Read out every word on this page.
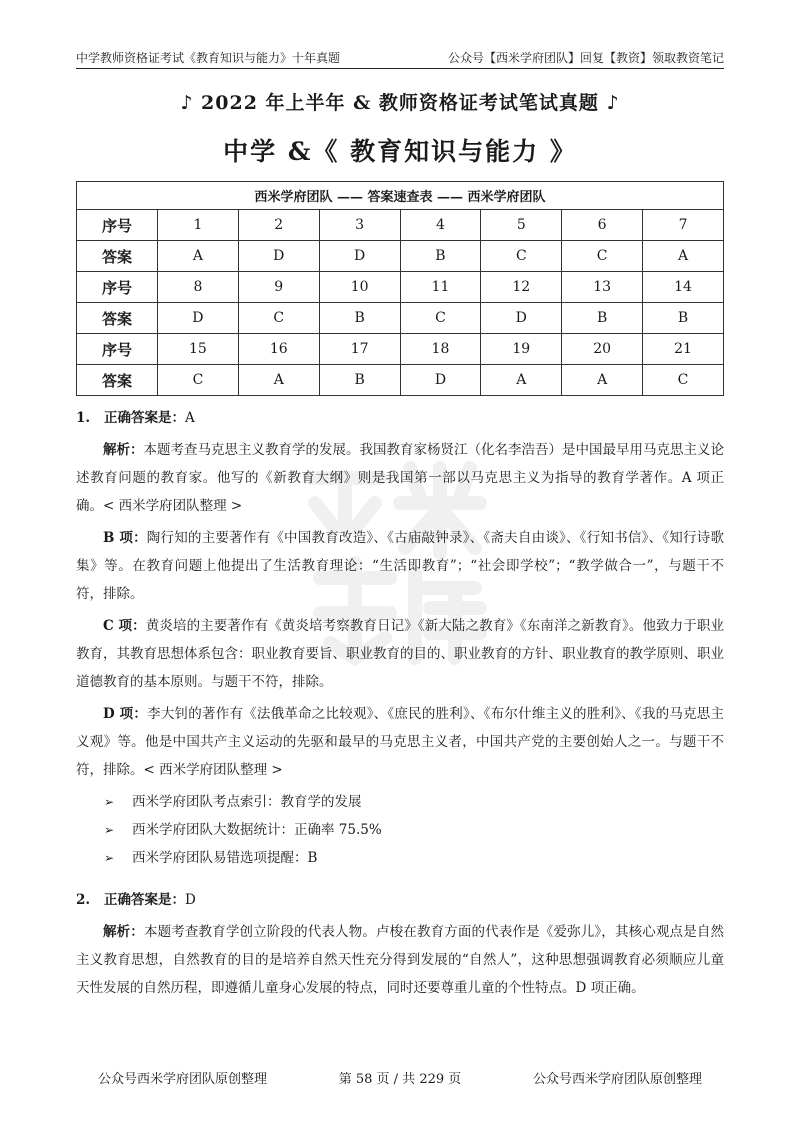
中学教师资格证考试《教育知识与能力》十年真题	公众号【西米学府团队】回复【教资】领取教资笔记
♪ 2022 年上半年 & 教师资格证考试笔试真题 ♪
中学 &《 教育知识与能力 》
西米学府团队 —— 答案速查表 —— 西米学府团队							
序号	1	2	3	4	5	6	7
答案	A	D	D	B	C	C	A
序号	8	9	10	11	12	13	14
答案	D	C	B	C	D	B	B
序号	15	16	17	18	19	20	21
答案	C	A	B	D	A	A	C
1. 正确答案是：A

解析：本题考查马克思主义教育学的发展。我国教育家杨贤江（化名李浩吾）是中国最早用马克思主义论述教育问题的教育家。他写的《新教育大纲》则是我国第一部以马克思主义为指导的教育学著作。A 项正确。< 西米学府团队整理 >

B 项：陶行知的主要著作有《中国教育改造》、《古庙敲钟录》、《斋夫自由谈》、《行知书信》、《知行诗歌集》等。在教育问题上他提出了生活教育理论：“生活即教育”；“社会即学校”；“教学做合一”，与题干不符，排除。

C 项：黄炎培的主要著作有《黄炎培考察教育日记》《新大陆之教育》《东南洋之新教育》。他致力于职业教育，其教育思想体系包含：职业教育要旨、职业教育的目的、职业教育的方针、职业教育的教学原则、职业道德教育的基本原则。与题干不符，排除。

D 项：李大钊的著作有《法俄革命之比较观》、《庶民的胜利》、《布尔什维主义的胜利》、《我的马克思主义观》等。他是中国共产主义运动的先驱和最早的马克思主义者，中国共产党的主要创始人之一。与题干不符，排除。< 西米学府团队整理 >

➢	西米学府团队考点索引：教育学的发展
➢	西米学府团队大数据统计：正确率 75.5%
➢	西米学府团队易错选项提醒：B
2. 正确答案是：D

解析：本题考查教育学创立阶段的代表人物。卢梭在教育方面的代表作是《爱弥儿》，其核心观点是自然主义教育思想，自然教育的目的是培养自然天性充分得到发展的“自然人”，这种思想强调教育必须顺应儿童天性发展的自然历程，即遵循儿童身心发展的特点，同时还要尊重儿童的个性特点。D 项正确。

公众号西米学府团队原创整理	第 58 页 / 共 229 页	公众号西米学府团队原创整理
